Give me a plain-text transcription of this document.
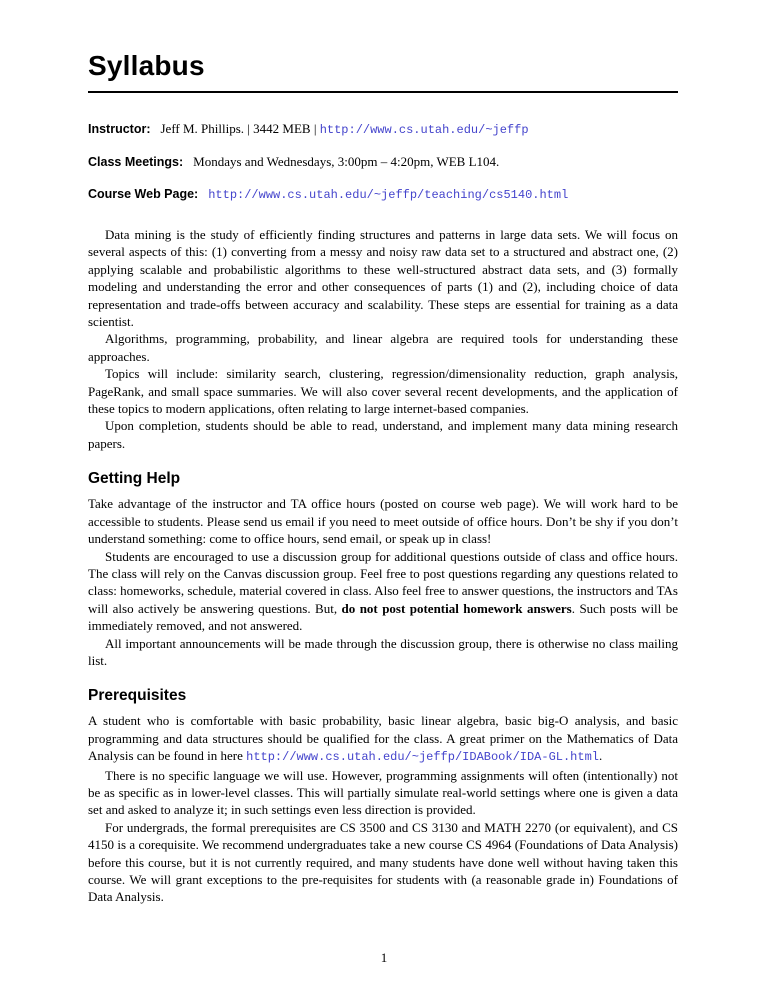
Syllabus
Instructor: Jeff M. Phillips. | 3442 MEB | http://www.cs.utah.edu/~jeffp
Class Meetings: Mondays and Wednesdays, 3:00pm – 4:20pm, WEB L104.
Course Web Page: http://www.cs.utah.edu/~jeffp/teaching/cs5140.html

Data mining is the study of efficiently finding structures and patterns in large data sets. We will focus on several aspects of this: (1) converting from a messy and noisy raw data set to a structured and abstract one, (2) applying scalable and probabilistic algorithms to these well-structured abstract data sets, and (3) formally modeling and understanding the error and other consequences of parts (1) and (2), including choice of data representation and trade-offs between accuracy and scalability. These steps are essential for training as a data scientist.

Algorithms, programming, probability, and linear algebra are required tools for understanding these approaches.

Topics will include: similarity search, clustering, regression/dimensionality reduction, graph analysis, PageRank, and small space summaries. We will also cover several recent developments, and the application of these topics to modern applications, often relating to large internet-based companies.

Upon completion, students should be able to read, understand, and implement many data mining research papers.

Getting Help

Take advantage of the instructor and TA office hours (posted on course web page). We will work hard to be accessible to students. Please send us email if you need to meet outside of office hours. Don’t be shy if you don’t understand something: come to office hours, send email, or speak up in class!

Students are encouraged to use a discussion group for additional questions outside of class and office hours. The class will rely on the Canvas discussion group. Feel free to post questions regarding any questions related to class: homeworks, schedule, material covered in class. Also feel free to answer questions, the instructors and TAs will also actively be answering questions. But, do not post potential homework answers. Such posts will be immediately removed, and not answered.

All important announcements will be made through the discussion group, there is otherwise no class mailing list.

Prerequisites

A student who is comfortable with basic probability, basic linear algebra, basic big-O analysis, and basic programming and data structures should be qualified for the class. A great primer on the Mathematics of Data Analysis can be found in here http://www.cs.utah.edu/~jeffp/IDABook/IDA-GL.html.

There is no specific language we will use. However, programming assignments will often (intentionally) not be as specific as in lower-level classes. This will partially simulate real-world settings where one is given a data set and asked to analyze it; in such settings even less direction is provided.

For undergrads, the formal prerequisites are CS 3500 and CS 3130 and MATH 2270 (or equivalent), and CS 4150 is a corequisite. We recommend undergraduates take a new course CS 4964 (Foundations of Data Analysis) before this course, but it is not currently required, and many students have done well without having taken this course. We will grant exceptions to the pre-requisites for students with (a reasonable grade in) Foundations of Data Analysis.

1
